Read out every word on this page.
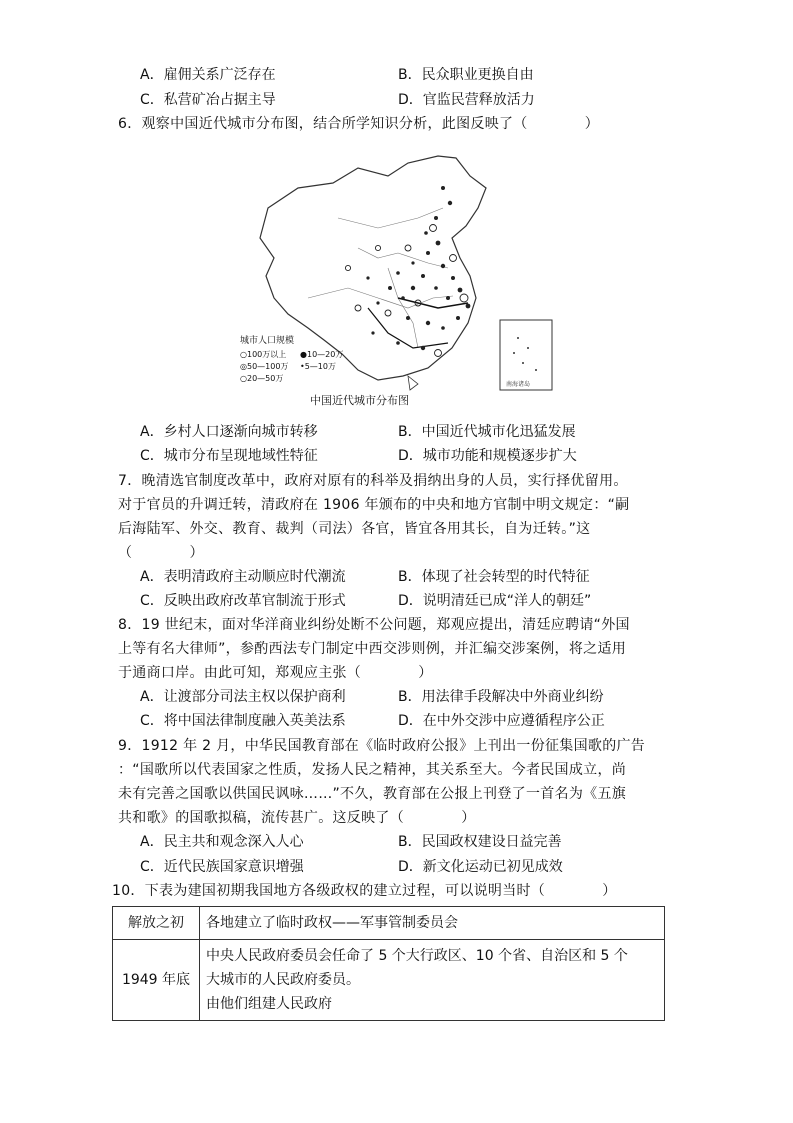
A．雇佣关系广泛存在	B．民众职业更换自由
C．私营矿冶占据主导	D．官监民营释放活力
6．观察中国近代城市分布图，结合所学知识分析，此图反映了（　　　　）
南海诸岛
城市人口规模
○100万以上 ●10—20万
◎50—100万 •5—10万
○20—50万
中国近代城市分布图
A．乡村人口逐渐向城市转移	B．中国近代城市化迅猛发展
C．城市分布呈现地域性特征	D．城市功能和规模逐步扩大
7．晚清选官制度改革中，政府对原有的科举及捐纳出身的人员，实行择优留用。
对于官员的升调迁转，清政府在 1906 年颁布的中央和地方官制中明文规定：“嗣
后海陆军、外交、教育、裁判（司法）各官，皆宜各用其长，自为迁转。”这
（　　　　）
A．表明清政府主动顺应时代潮流	B．体现了社会转型的时代特征
C．反映出政府改革官制流于形式	D．说明清廷已成“洋人的朝廷”
8．19 世纪末，面对华洋商业纠纷处断不公问题，郑观应提出，清廷应聘请“外国
上等有名大律师”，参酌西法专门制定中西交涉则例，并汇编交涉案例，将之适用
于通商口岸。由此可知，郑观应主张（　　　　）
A．让渡部分司法主权以保护商利	B．用法律手段解决中外商业纠纷
C．将中国法律制度融入英美法系	D．在中外交涉中应遵循程序公正
9．1912 年 2 月，中华民国教育部在《临时政府公报》上刊出一份征集国歌的广告
：“国歌所以代表国家之性质，发扬人民之精神，其关系至大。今者民国成立，尚
未有完善之国歌以供国民讽咏……”不久，教育部在公报上刊登了一首名为《五旗
共和歌》的国歌拟稿，流传甚广。这反映了（　　　　）
A．民主共和观念深入人心	B．民国政权建设日益完善
C．近代民族国家意识增强	D．新文化运动已初见成效
10．下表为建国初期我国地方各级政权的建立过程，可以说明当时（　　　　）
解放之初	各地建立了临时政权——军事管制委员会

1949 年底	中央人民政府委员会任命了 5 个大行政区、10 个省、自治区和 5 个
大城市的人民政府委员。
由他们组建人民政府
